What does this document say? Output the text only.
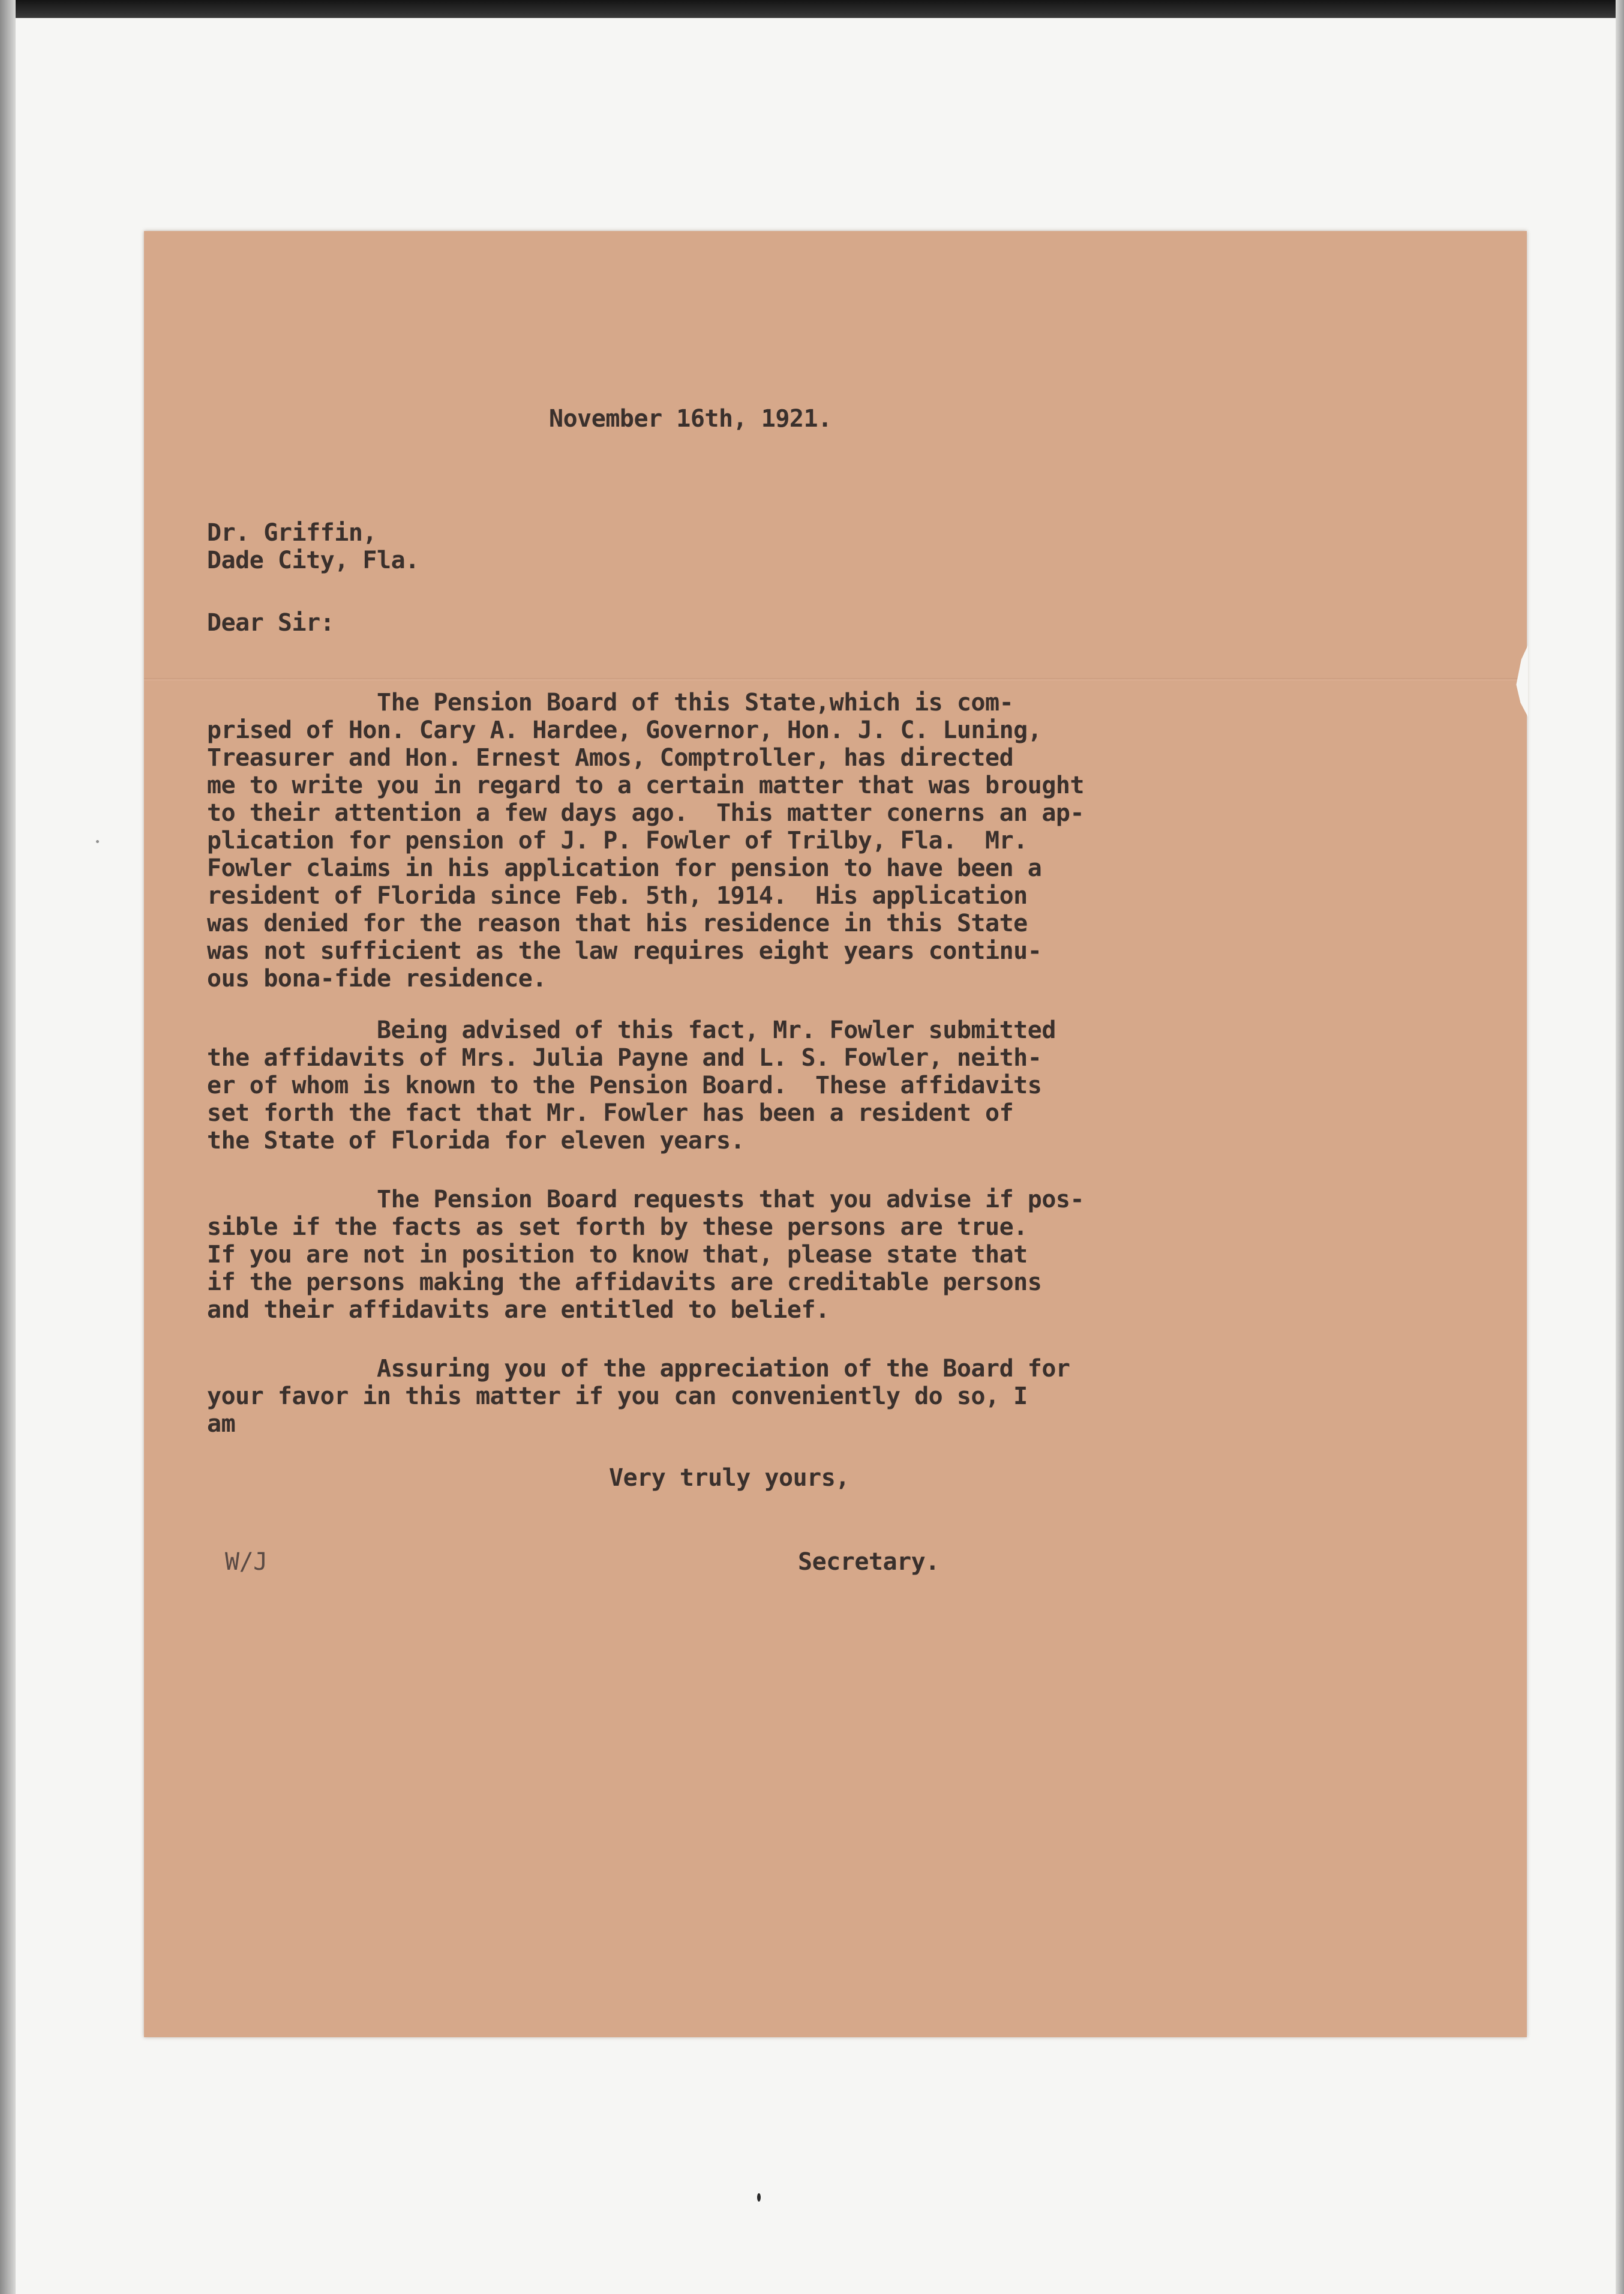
November 16th, 1921.

Dr. Griffin,

Dade City, Fla.

Dear Sir:

The Pension Board of this State,which is com-
prised of Hon. Cary A. Hardee, Governor, Hon. J. C. Luning,
Treasurer and Hon. Ernest Amos, Comptroller, has directed
me to write you in regard to a certain matter that was brought
to their attention a few days ago.  This matter conerns an ap-
plication for pension of J. P. Fowler of Trilby, Fla.  Mr.
Fowler claims in his application for pension to have been a
resident of Florida since Feb. 5th, 1914.  His application
was denied for the reason that his residence in this State
was not sufficient as the law requires eight years continu-
ous bona-fide residence.
Being advised of this fact, Mr. Fowler submitted
the affidavits of Mrs. Julia Payne and L. S. Fowler, neith-
er of whom is known to the Pension Board.  These affidavits
set forth the fact that Mr. Fowler has been a resident of
the State of Florida for eleven years.
The Pension Board requests that you advise if pos-
sible if the facts as set forth by these persons are true.
If you are not in position to know that, please state that
if the persons making the affidavits are creditable persons
and their affidavits are entitled to belief.
Assuring you of the appreciation of the Board for
your favor in this matter if you can conveniently do so, I
am

Very truly yours,

W/J	Secretary.
